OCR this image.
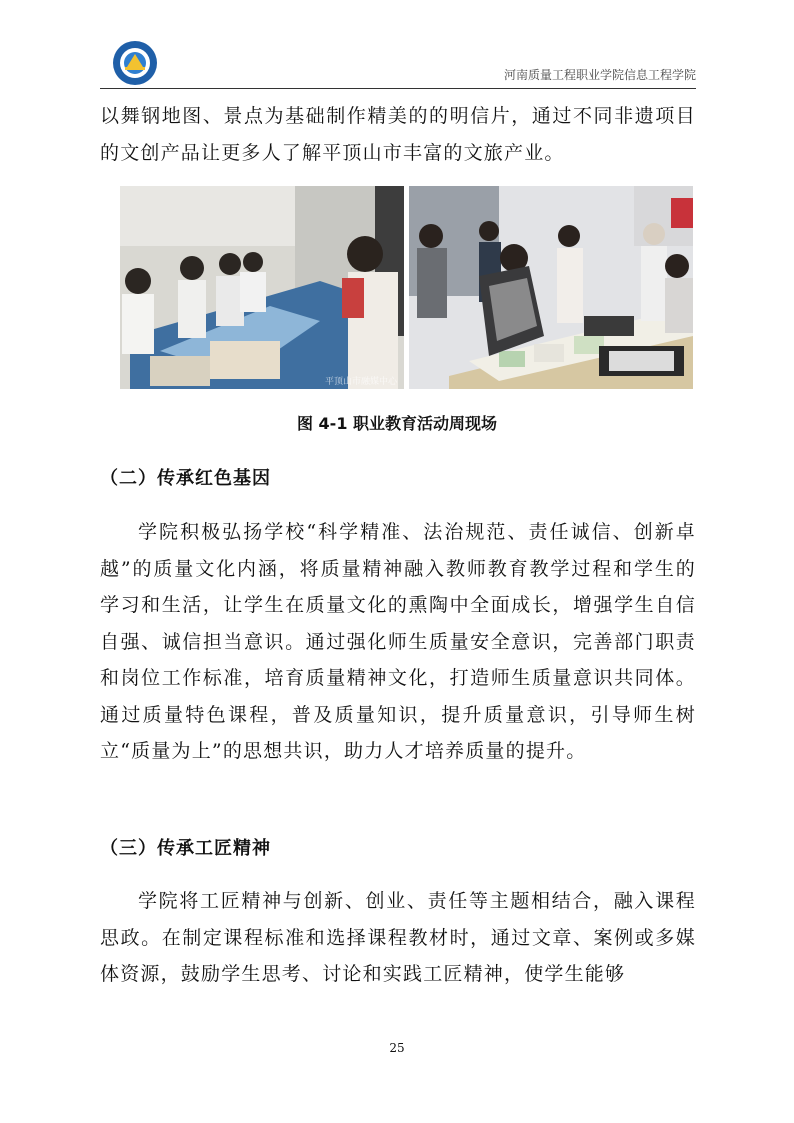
河南质量工程职业学院信息工程学院

以舞钢地图、景点为基础制作精美的的明信片，通过不同非遗项目的文创产品让更多人了解平顶山市丰富的文旅产业。

平顶山市融媒中心
图 4-1 职业教育活动周现场
（二）传承红色基因

学院积极弘扬学校“科学精准、法治规范、责任诚信、创新卓越”的质量文化内涵，将质量精神融入教师教育教学过程和学生的学习和生活，让学生在质量文化的熏陶中全面成长，增强学生自信自强、诚信担当意识。通过强化师生质量安全意识，完善部门职责和岗位工作标准，培育质量精神文化，打造师生质量意识共同体。通过质量特色课程，普及质量知识，提升质量意识，引导师生树立“质量为上”的思想共识，助力人才培养质量的提升。

（三）传承工匠精神

学院将工匠精神与创新、创业、责任等主题相结合，融入课程思政。在制定课程标准和选择课程教材时，通过文章、案例或多媒体资源，鼓励学生思考、讨论和实践工匠精神，使学生能够

25
